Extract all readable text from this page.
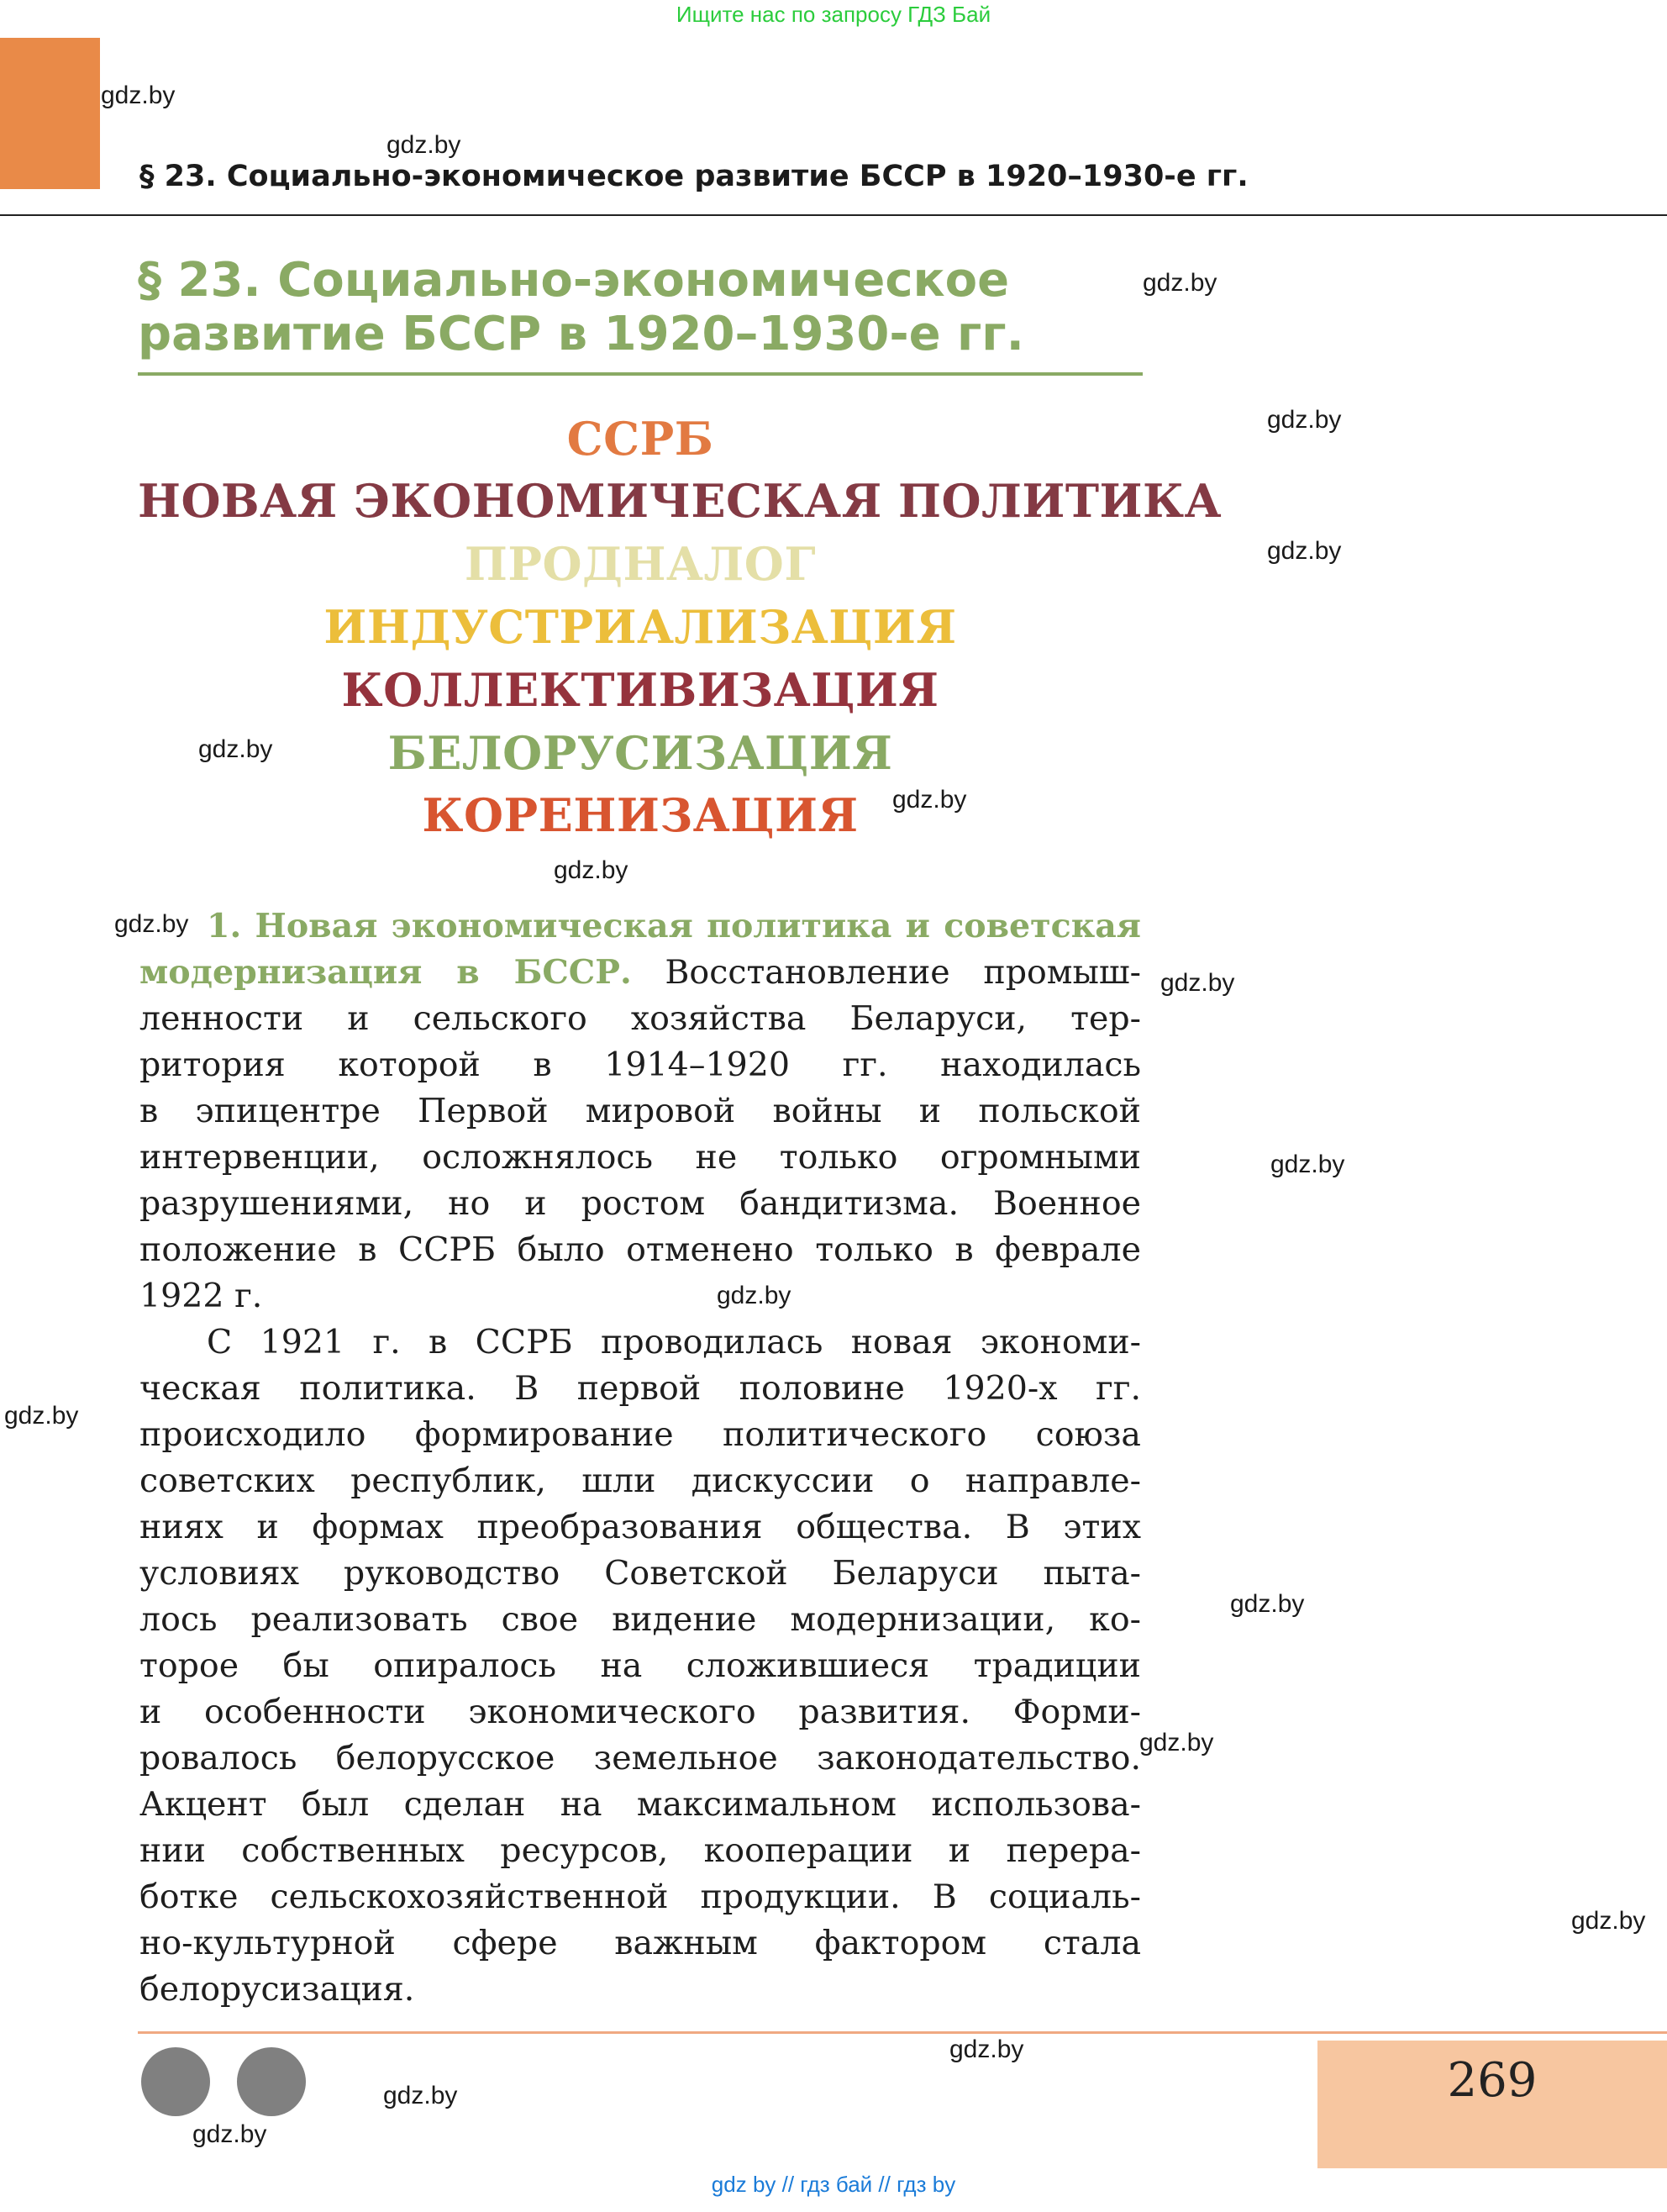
Ищите нас по запросу ГДЗ Бай
§ 23. Социально-экономическое развитие БССР в 1920–1930-е гг.
§ 23. Социально-экономическое
развитие БССР в 1920–1930-е гг.
ССРБ
НОВАЯ ЭКОНОМИЧЕСКАЯ ПОЛИТИКА
ПРОДНАЛОГ
ИНДУСТРИАЛИЗАЦИЯ
КОЛЛЕКТИВИЗАЦИЯ
БЕЛОРУСИЗАЦИЯ
КОРЕНИЗАЦИЯ
1. Новая экономическая политика и советская
модернизация в БССР. Восстановление промыш-
ленности и сельского хозяйства Беларуси, тер-
ритория которой в 1914–1920 гг. находилась
в эпицентре Первой мировой войны и польской
интервенции, осложнялось не только огромными
разрушениями, но и ростом бандитизма. Военное
положение в ССРБ было отменено только в феврале
1922 г.
С 1921 г. в ССРБ проводилась новая экономи-
ческая политика. В первой половине 1920-х гг.
происходило формирование политического союза
советских республик, шли дискуссии о направле-
ниях и формах преобразования общества. В этих
условиях руководство Советской Беларуси пыта-
лось реализовать свое видение модернизации, ко-
торое бы опиралось на сложившиеся традиции
и особенности экономического развития. Форми-
ровалось белорусское земельное законодательство.
Акцент был сделан на максимальном использова-
нии собственных ресурсов, кооперации и перера-
ботке сельскохозяйственной продукции. В социаль-
но-культурной сфере важным фактором стала
белорусизация.
269
gdz.by
gdz.by
gdz.by
gdz.by
gdz.by
gdz.by
gdz.by
gdz.by
gdz.by
gdz.by
gdz.by
gdz.by
gdz.by
gdz.by
gdz.by
gdz.by
gdz.by
gdz.by
gdz.by
gdz by // гдз бай // гдз by
